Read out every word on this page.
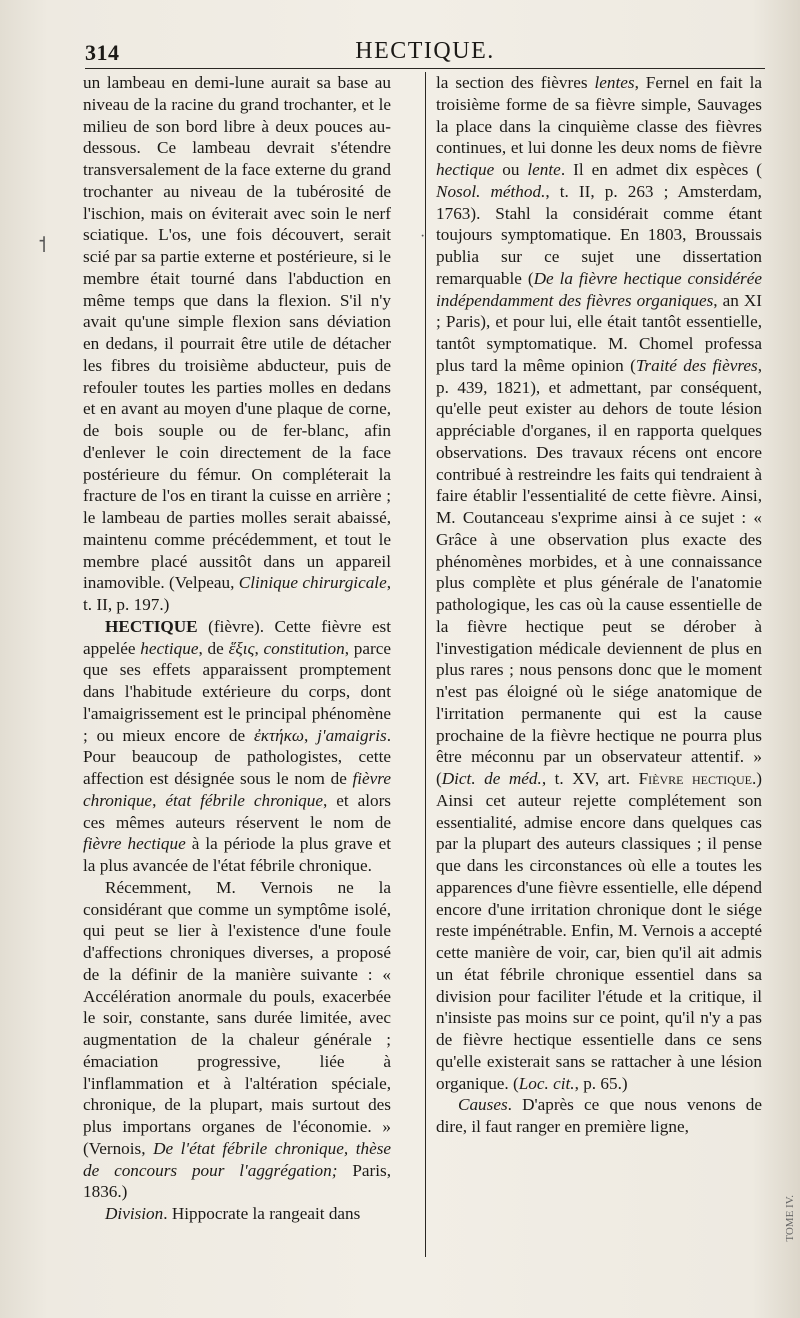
314	HECTIQUE.
˦	·

un lambeau en demi-lune aurait sa base au niveau de la racine du grand trochanter, et le milieu de son bord libre à deux pouces au-dessous. Ce lambeau devrait s'étendre transversalement de la face externe du grand trochanter au niveau de la tubérosité de l'ischion, mais on éviterait avec soin le nerf sciatique. L'os, une fois découvert, serait scié par sa partie externe et postérieure, si le membre était tourné dans l'abduction en même temps que dans la flexion. S'il n'y avait qu'une simple flexion sans déviation en dedans, il pourrait être utile de détacher les fibres du troisième abducteur, puis de refouler toutes les parties molles en dedans et en avant au moyen d'une plaque de corne, de bois souple ou de fer-blanc, afin d'enlever le coin directement de la face postérieure du fémur. On compléterait la fracture de l'os en tirant la cuisse en arrière ; le lambeau de parties molles serait abaissé, maintenu comme précédemment, et tout le membre placé aussitôt dans un appareil inamovible. (Velpeau, Clinique chirurgicale, t. II, p. 197.)

HECTIQUE (fièvre). Cette fièvre est appelée hectique, de ἕξις, constitution, parce que ses effets apparaissent promptement dans l'habitude extérieure du corps, dont l'amaigrissement est le principal phénomène ; ou mieux encore de ἐκτήκω, j'amaigris. Pour beaucoup de pathologistes, cette affection est désignée sous le nom de fièvre chronique, état fébrile chronique, et alors ces mêmes auteurs réservent le nom de fièvre hectique à la période la plus grave et la plus avancée de l'état fébrile chronique.

Récemment, M. Vernois ne la considérant que comme un symptôme isolé, qui peut se lier à l'existence d'une foule d'affections chroniques diverses, a proposé de la définir de la manière suivante : « Accélération anormale du pouls, exacerbée le soir, constante, sans durée limitée, avec augmentation de la chaleur générale ; émaciation progressive, liée à l'inflammation et à l'altération spéciale, chronique, de la plupart, mais surtout des plus importans organes de l'économie. » (Vernois, De l'état fébrile chronique, thèse de concours pour l'aggrégation; Paris, 1836.)

Division. Hippocrate la rangeait dans

la section des fièvres lentes, Fernel en fait la troisième forme de sa fièvre simple, Sauvages la place dans la cinquième classe des fièvres continues, et lui donne les deux noms de fièvre hectique ou lente. Il en admet dix espèces ( Nosol. méthod., t. II, p. 263 ; Amsterdam, 1763). Stahl la considérait comme étant toujours symptomatique. En 1803, Broussais publia sur ce sujet une dissertation remarquable (De la fièvre hectique considérée indépendamment des fièvres organiques, an XI ; Paris), et pour lui, elle était tantôt essentielle, tantôt symptomatique. M. Chomel professa plus tard la même opinion (Traité des fièvres, p. 439, 1821), et admettant, par conséquent, qu'elle peut exister au dehors de toute lésion appréciable d'organes, il en rapporta quelques observations. Des travaux récens ont encore contribué à restreindre les faits qui tendraient à faire établir l'essentialité de cette fièvre. Ainsi, M. Coutanceau s'exprime ainsi à ce sujet : « Grâce à une observation plus exacte des phénomènes morbides, et à une connaissance plus complète et plus générale de l'anatomie pathologique, les cas où la cause essentielle de la fièvre hectique peut se dérober à l'investigation médicale deviennent de plus en plus rares ; nous pensons donc que le moment n'est pas éloigné où le siége anatomique de l'irritation permanente qui est la cause prochaine de la fièvre hectique ne pourra plus être méconnu par un observateur attentif. » (Dict. de méd., t. XV, art. Fièvre hectique.) Ainsi cet auteur rejette complétement son essentialité, admise encore dans quelques cas par la plupart des auteurs classiques ; il pense que dans les circonstances où elle a toutes les apparences d'une fièvre essentielle, elle dépend encore d'une irritation chronique dont le siége reste impénétrable. Enfin, M. Vernois a accepté cette manière de voir, car, bien qu'il ait admis un état fébrile chronique essentiel dans sa division pour faciliter l'étude et la critique, il n'insiste pas moins sur ce point, qu'il n'y a pas de fièvre hectique essentielle dans ce sens qu'elle existerait sans se rattacher à une lésion organique. (Loc. cit., p. 65.)

Causes. D'après ce que nous venons de dire, il faut ranger en première ligne,

TOME IV.
